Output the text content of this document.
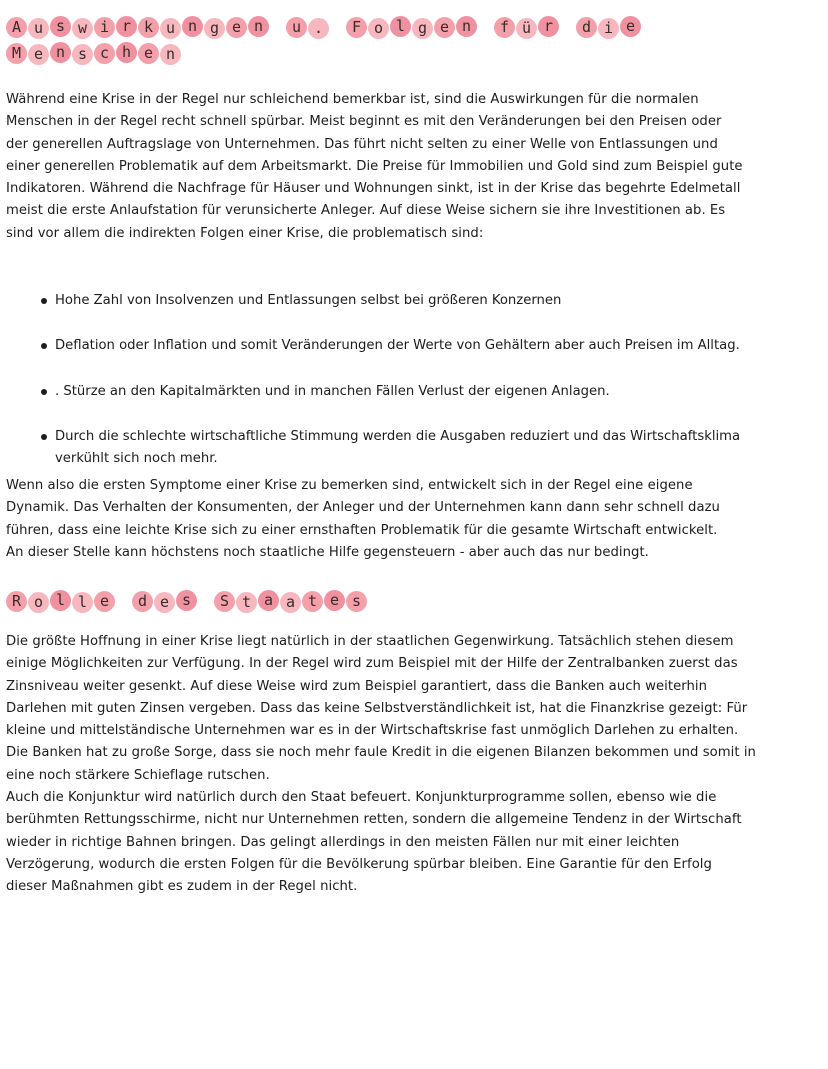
A u s w i r k u n g e n	u .	F o l g e n	f ü r	d i e
M e n s c h e n

Während eine Krise in der Regel nur schleichend bemerkbar ist, sind die Auswirkungen für die normalen
Menschen in der Regel recht schnell spürbar. Meist beginnt es mit den Veränderungen bei den Preisen oder
der generellen Auftragslage von Unternehmen. Das führt nicht selten zu einer Welle von Entlassungen und
einer generellen Problematik auf dem Arbeitsmarkt. Die Preise für Immobilien und Gold sind zum Beispiel gute
Indikatoren. Während die Nachfrage für Häuser und Wohnungen sinkt, ist in der Krise das begehrte Edelmetall
meist die erste Anlaufstation für verunsicherte Anleger. Auf diese Weise sichern sie ihre Investitionen ab. Es
sind vor allem die indirekten Folgen einer Krise, die problematisch sind:

Hohe Zahl von Insolvenzen und Entlassungen selbst bei größeren Konzernen
Deflation oder Inflation und somit Veränderungen der Werte von Gehältern aber auch Preisen im Alltag.
. Stürze an den Kapitalmärkten und in manchen Fällen Verlust der eigenen Anlagen.
Durch die schlechte wirtschaftliche Stimmung werden die Ausgaben reduziert und das Wirtschaftsklima
verkühlt sich noch mehr.

Wenn also die ersten Symptome einer Krise zu bemerken sind, entwickelt sich in der Regel eine eigene
Dynamik. Das Verhalten der Konsumenten, der Anleger und der Unternehmen kann dann sehr schnell dazu
führen, dass eine leichte Krise sich zu einer ernsthaften Problematik für die gesamte Wirtschaft entwickelt.
An dieser Stelle kann höchstens noch staatliche Hilfe gegensteuern - aber auch das nur bedingt.

R o l l e	d e s	S t a a t e s

Die größte Hoffnung in einer Krise liegt natürlich in der staatlichen Gegenwirkung. Tatsächlich stehen diesem
einige Möglichkeiten zur Verfügung. In der Regel wird zum Beispiel mit der Hilfe der Zentralbanken zuerst das
Zinsniveau weiter gesenkt. Auf diese Weise wird zum Beispiel garantiert, dass die Banken auch weiterhin
Darlehen mit guten Zinsen vergeben. Dass das keine Selbstverständlichkeit ist, hat die Finanzkrise gezeigt: Für
kleine und mittelständische Unternehmen war es in der Wirtschaftskrise fast unmöglich Darlehen zu erhalten.
Die Banken hat zu große Sorge, dass sie noch mehr faule Kredit in die eigenen Bilanzen bekommen und somit in
eine noch stärkere Schieflage rutschen.
Auch die Konjunktur wird natürlich durch den Staat befeuert. Konjunkturprogramme sollen, ebenso wie die
berühmten Rettungsschirme, nicht nur Unternehmen retten, sondern die allgemeine Tendenz in der Wirtschaft
wieder in richtige Bahnen bringen. Das gelingt allerdings in den meisten Fällen nur mit einer leichten
Verzögerung, wodurch die ersten Folgen für die Bevölkerung spürbar bleiben. Eine Garantie für den Erfolg
dieser Maßnahmen gibt es zudem in der Regel nicht.
